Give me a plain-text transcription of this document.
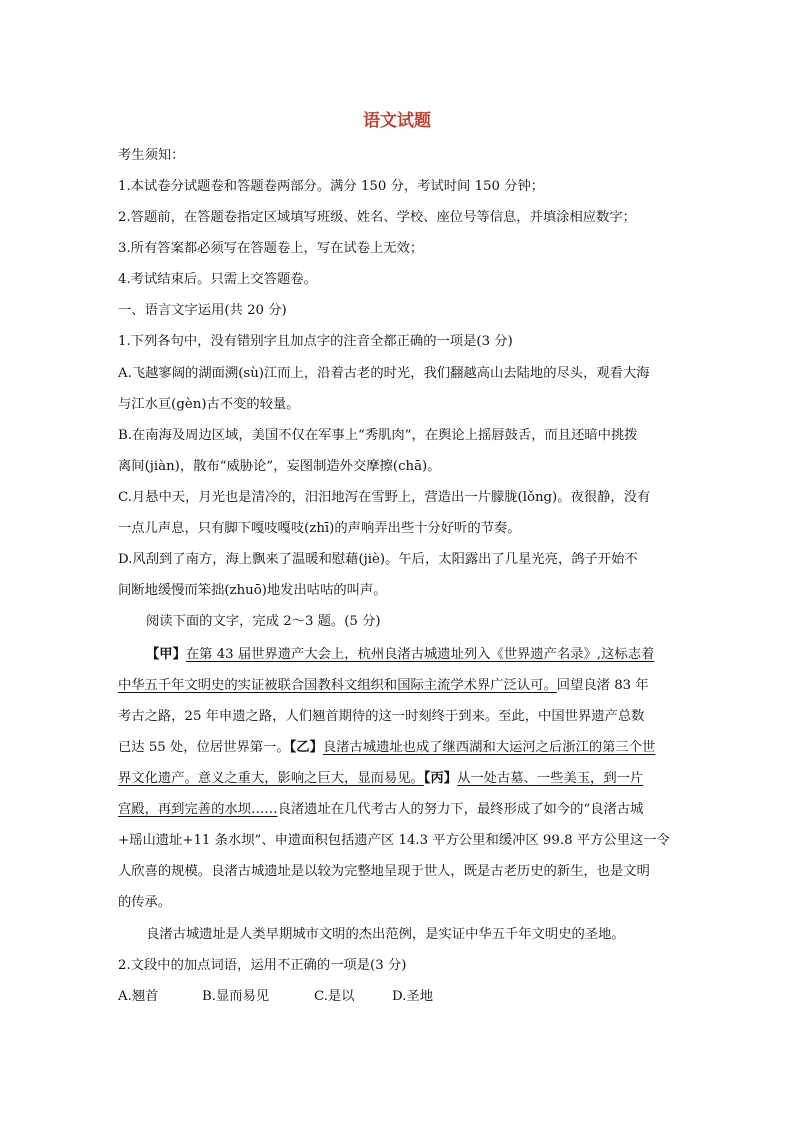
语文试题
考生须知：
1.本试卷分试题卷和答题卷两部分。满分 150 分，考试时间 150 分钟；
2.答题前，在答题卷指定区域填写班级、姓名、学校、座位号等信息，并填涂相应数字；
3.所有答案都必须写在答题卷上，写在试卷上无效；
4.考试结束后。只需上交答题卷。
一、语言文字运用(共 20 分)
1.下列各句中，没有错别字且加点字的注音全都正确的一项是(3 分)
A.飞越寥阔的湖面溯(sù)江而上，沿着古老的时光，我们翻越高山去陆地的尽头，观看大海
与江水亘(gèn)古不变的较量。
B.在南海及周边区域，美国不仅在军事上“秀肌肉”，在舆论上摇唇鼓舌，而且还暗中挑拨
离间(jiàn)，散布“威胁论”，妄图制造外交摩擦(chā)。
C.月悬中天，月光也是清冷的，汨汨地泻在雪野上，营造出一片朦胧(lǒng)。夜很静，没有
一点儿声息，只有脚下嘎吱嘎吱(zhī)的声响弄出些十分好听的节奏。
D.风刮到了南方，海上飘来了温暖和慰藉(jiè)。午后，太阳露出了几星光亮，鸽子开始不
间断地缓慢而笨拙(zhuō)地发出咕咕的叫声。
阅读下面的文字，完成 2～3 题。(5 分)
【甲】在第 43 届世界遗产大会上，杭州良渚古城遗址列入《世界遗产名录》,这标志着
中华五千年文明史的实证被联合国教科文组织和国际主流学术界广泛认可。回望良渚 83 年
考古之路，25 年申遗之路，人们翘首期待的这一时刻终于到来。至此，中国世界遗产总数
已达 55 处，位居世界第一。【乙】良渚古城遗址也成了继西湖和大运河之后浙江的第三个世
界文化遗产。意义之重大，影响之巨大，显而易见。【丙】从一处古墓、一些美玉，到一片
宫殿，再到完善的水坝……良渚遗址在几代考古人的努力下，最终形成了如今的“良渚古城
+瑶山遗址+11 条水坝”、申遗面积包括遗产区 14.3 平方公里和缓冲区 99.8 平方公里这一令
人欣喜的规模。良渚古城遗址是以较为完整地呈现于世人，既是古老历史的新生，也是文明
的传承。
良渚古城遗址是人类早期城市文明的杰出范例，是实证中华五千年文明史的圣地。
2.文段中的加点词语，运用不正确的一项是(3 分)
A.翘首	B.显而易见	C.是以	D.圣地
